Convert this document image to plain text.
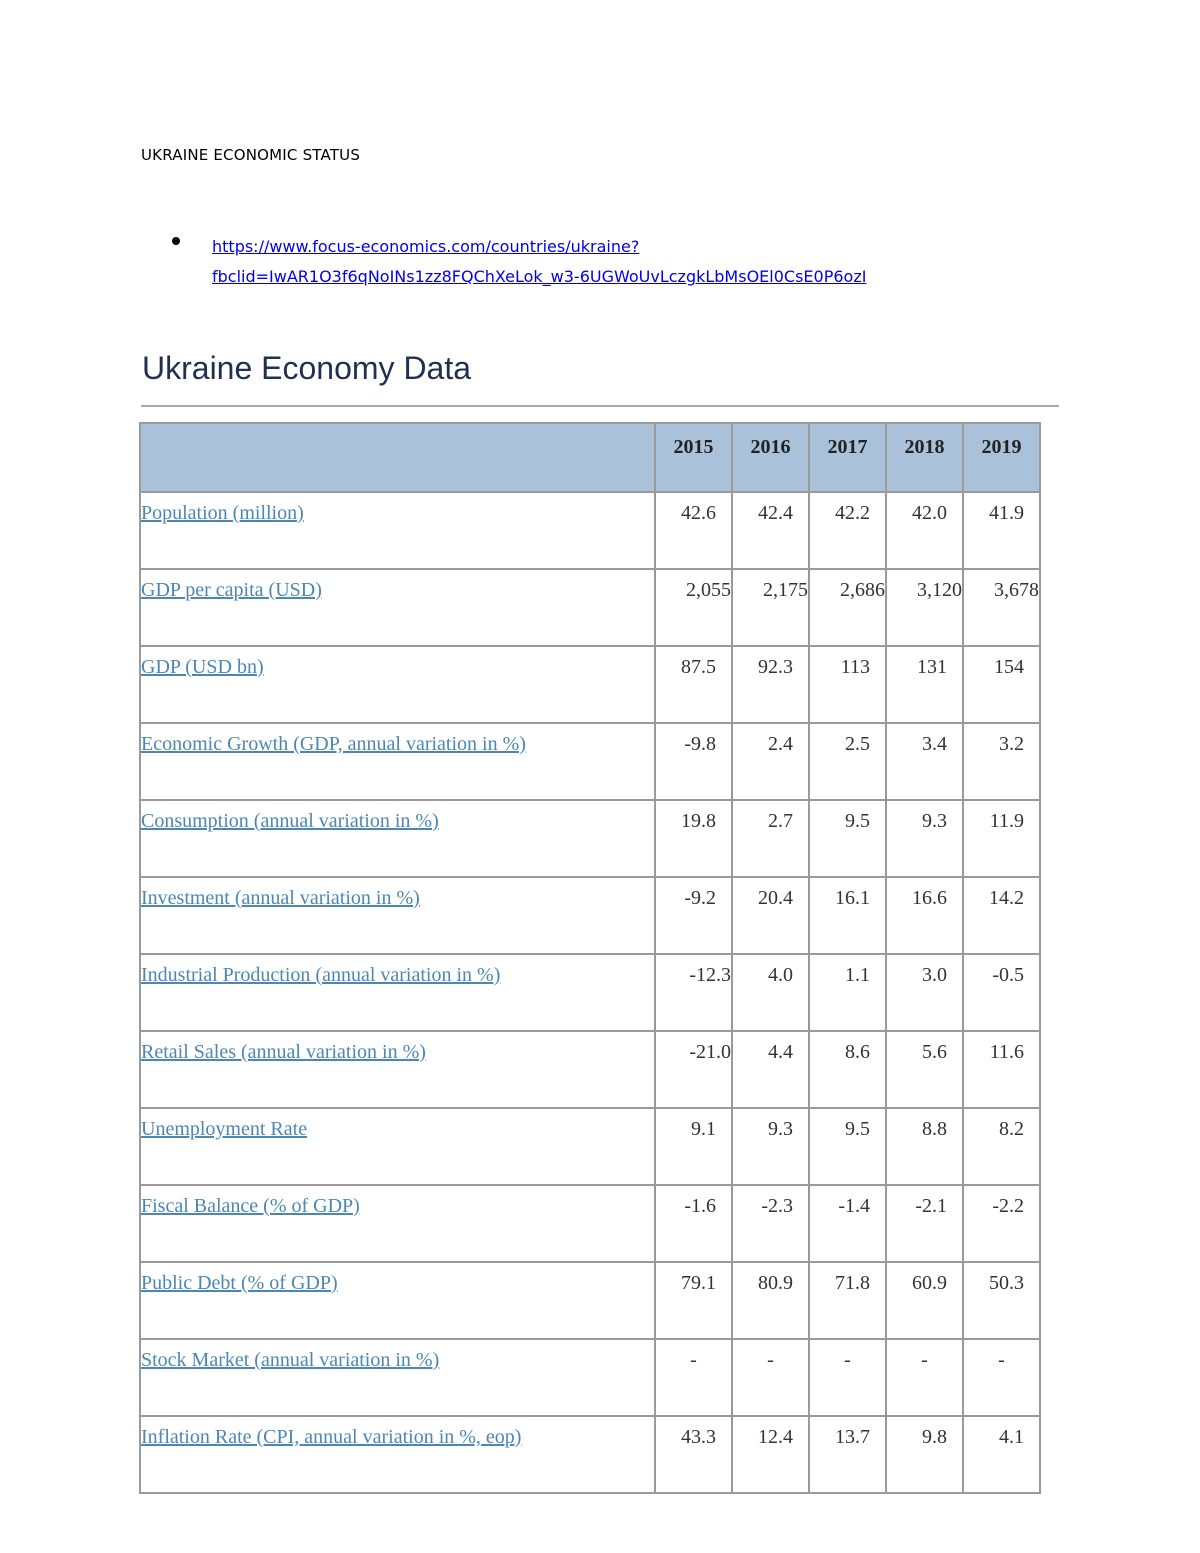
UKRAINE ECONOMIC STATUS
https://www.focus-economics.com/countries/ukraine?
fbclid=IwAR1O3f6qNoINs1zz8FQChXeLok_w3-6UGWoUvLczgkLbMsOEl0CsE0P6ozI
Ukraine Economy Data
	2015	2016	2017	2018	2019
Population (million)	42.6	42.4	42.2	42.0	41.9
GDP per capita (USD)	2,055	2,175	2,686	3,120	3,678
GDP (USD bn)	87.5	92.3	113	131	154
Economic Growth (GDP, annual variation in %)	-9.8	2.4	2.5	3.4	3.2
Consumption (annual variation in %)	19.8	2.7	9.5	9.3	11.9
Investment (annual variation in %)	-9.2	20.4	16.1	16.6	14.2
Industrial Production (annual variation in %)	-12.3	4.0	1.1	3.0	-0.5
Retail Sales (annual variation in %)	-21.0	4.4	8.6	5.6	11.6
Unemployment Rate	9.1	9.3	9.5	8.8	8.2
Fiscal Balance (% of GDP)	-1.6	-2.3	-1.4	-2.1	-2.2
Public Debt (% of GDP)	79.1	80.9	71.8	60.9	50.3
Stock Market (annual variation in %)	-	-	-	-	-
Inflation Rate (CPI, annual variation in %, eop)	43.3	12.4	13.7	9.8	4.1
